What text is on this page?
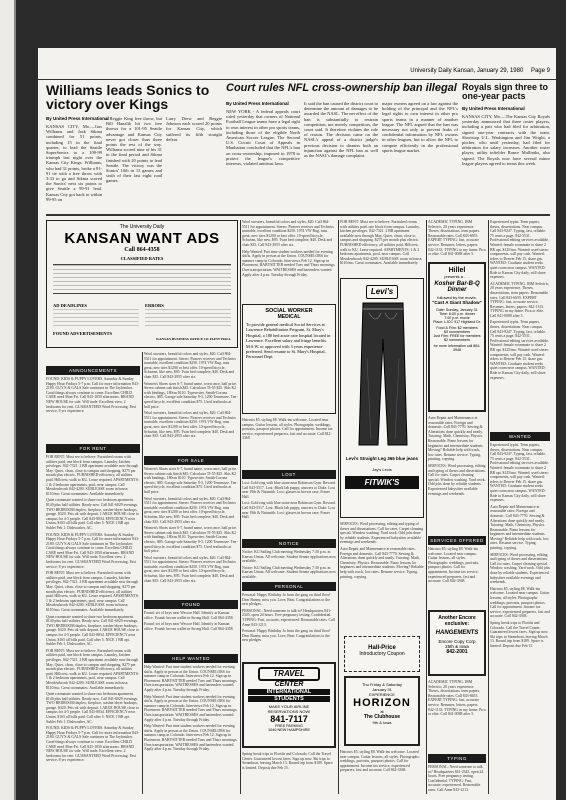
University Daily Kansan, January 29, 1980 Page 9
Williams leads Sonics to victory over Kings
By United Press International
KANSAS CITY, Mo.—Gus Williams and Jack Sikma combined for 51 points, including 15 in the final quarter, to lead the Seattle SuperSonics to a 109-99 triumph last night over the Kansas City Kings. Williams, who had 31 points, broke a 91-91 tie with a free throw with 3:33 to go and Sikma scored the Sonics' next six points to give Seattle a 99-91 lead. Kansas City got back to within 99-95 on
a Reggie King free throw, but Bill Hanzlik hit two free throws for a 101-95 Seattle advantage and Kansas City never got closer than three points the rest of the way. Williams scored nine of his 31 in the final period and Sikma finished with 20 points to lead Seattle. The victory was the Sonics' 10th in 13 games and sixth of their last eight road games.
Larry Drew and Reggie Johnson each scored 20 points for Kansas City, which suffered its fifth straight defeat.
Court rules NFL cross-ownership ban illegal
By United Press International
NEW YORK - A federal appeals court ruled yesterday that owners of National Football League teams have a legal right to own interest in other pro sports teams, including those of the eligible North American Soccer League. The Second U.S. Circuit Court of Appeals in Manhattan concluded that the NFL's ban on cross-ownership, imposed in 1978 to protect the league's competitive interests, violated antitrust laws.
It said the ban caused the district court to determine the amount of damages to be awarded the NASL. The net effect of the ban is substantially to restrain competition, not merely competitors, the court said. It therefore violates the rule of reason. The decision came on the NASL's appeal of a district judge's previous decision to dismiss both an injunction against the NFL ban as well as the NASL's damage complaint.
major owners agreed on a law against the holding of the principal and the NFL's legal rights to own interest in other pro sports teams in a manner of another league. The NFL argued that the ban was necessary not only to prevent leaks of confidential information by NFL owners in other leagues, but to allow the NFL to compete efficiently in the professional sports league market.
Royals sign three to one-year pacts
By United Press International
KANSAS CITY, Mo.—The Kansas City Royals yesterday announced that three roster players, including a pair who had filed for arbitration, signed one-year contracts with the team. Shortstop U.L. Washington and Jim Wright, a pitcher, who until yesterday, had filed for arbitration for salary increases. Another roster player, utility infielder Rance Mulliniks, also signed. The Royals now have several minor league players agreed to terms this week.
The University Daily
KANSAN WANT ADS
Call 864-4358
CLASSIFIED RATES
AD DEADLINES	ERRORS
FOUND ADVERTISEMENTS
KANSAN BUSINESS OFFICE 111 FLINT HALL
ANNOUNCEMENTS
FOUND: KIDS & PUPPY LOVERS. Saturday & Sunday Happy Hour Fridays 5-7 p.m. Call for more information 843-2180. GUY'S & GALS Sale continues in The Jayhawker. Good things always continue to come. Excellent CHILD CARE need Mon-Fri. Call 843-1050 afternoons. BRAND NEW HOUSE for sale. Will trade. Excellent view. 2 bedrooms for rent. GUARANTEED Word Processing. Fast service, 8 yrs experience.
FOR RENT

FOR RENT: Must see to believe. Furnished rooms with utilities paid, one block from campus. Laundry, kitchen privileges. 842-7321. 2 BR apartment available now through May. Quiet, clean, close to campus and shopping. $275 per month plus electric. FURNISHED efficiency, all utilities paid. Hillcrest, walk to KU. Lease required. APARTMENTS: 1 & 2 bedroom apartments, pool, near campus. Call Meadowbrook 842-4200. SUBLEASE room in house, $110/mo. Great roommates. Available immediately.

Quiet roommate wanted to share two bedroom apartment. $140 plus half utilities. Ready now. Call 841-6029 evenings. TWO BEDROOM duplex, fireplace, washer/dryer hookups, garage. $320. Pets ok with deposit. LARGE HOUSE close to campus for 4-5 people. Call 843-8834. EFFICIENCY near Union, $165 all bills paid. Call after 5. NICE 1 BR apt. Sublet Feb 1. Dishwasher, AC.

FOUND: KIDS & PUPPY LOVERS. Saturday & Sunday Happy Hour Fridays 5-7 p.m. Call for more information 843-2180. GUY'S & GALS Sale continues in The Jayhawker. Good things always continue to come. Excellent CHILD CARE need Mon-Fri. Call 843-1050 afternoons. BRAND NEW HOUSE for sale. Will trade. Excellent view. 2 bedrooms for rent. GUARANTEED Word Processing. Fast service, 8 yrs experience.

FOR RENT: Must see to believe. Furnished rooms with utilities paid, one block from campus. Laundry, kitchen privileges. 842-7321. 2 BR apartment available now through May. Quiet, clean, close to campus and shopping. $275 per month plus electric. FURNISHED efficiency, all utilities paid. Hillcrest, walk to KU. Lease required. APARTMENTS: 1 & 2 bedroom apartments, pool, near campus. Call Meadowbrook 842-4200. SUBLEASE room in house, $110/mo. Great roommates. Available immediately.

Quiet roommate wanted to share two bedroom apartment. $140 plus half utilities. Ready now. Call 841-6029 evenings. TWO BEDROOM duplex, fireplace, washer/dryer hookups, garage. $320. Pets ok with deposit. LARGE HOUSE close to campus for 4-5 people. Call 843-8834. EFFICIENCY near Union, $165 all bills paid. Call after 5. NICE 1 BR apt. Sublet Feb 1. Dishwasher, AC.

FOR RENT: Must see to believe. Furnished rooms with utilities paid, one block from campus. Laundry, kitchen privileges. 842-7321. 2 BR apartment available now through May. Quiet, clean, close to campus and shopping. $275 per month plus electric. FURNISHED efficiency, all utilities paid. Hillcrest, walk to KU. Lease required. APARTMENTS: 1 & 2 bedroom apartments, pool, near campus. Call Meadowbrook 842-4200. SUBLEASE room in house, $110/mo. Great roommates. Available immediately.

Quiet roommate wanted to share two bedroom apartment. $140 plus half utilities. Ready now. Call 841-6029 evenings. TWO BEDROOM duplex, fireplace, washer/dryer hookups, garage. $320. Pets ok with deposit. LARGE HOUSE close to campus for 4-5 people. Call 843-8834. EFFICIENCY near Union, $165 all bills paid. Call after 5. NICE 1 BR apt. Sublet Feb 1. Dishwasher, AC.

FOUND: KIDS & PUPPY LOVERS. Saturday & Sunday Happy Hour Fridays 5-7 p.m. Call for more information 843-2180. GUY'S & GALS Sale continues in The Jayhawker. Good things always continue to come. Excellent CHILD CARE need Mon-Fri. Call 843-1050 afternoons. BRAND NEW HOUSE for sale. Will trade. Excellent view. 2 bedrooms for rent. GUARANTEED Word Processing. Fast service, 8 yrs experience.

Wool sweaters, beautiful colors and styles, $20. Call 864-5511 for appointment. Stereo: Pioneer receiver and Technics turntable, excellent condition $250. 1974 VW Bug, runs great, new tires $1200 or best offer. 10-speed bicycle, Schwinn, like new, $95. Twin bed complete, $40. Desk and chair $35. Call 843-2955 after six.

Women's Shoes sizes 6-7, brand name, worn once, half price. Stereo cabinet oak finish $45. Calculator TI-55 $25. Skis K2 with bindings, 180cm $110. Typewriter, Smith-Corona electric, $85. Garage sale Saturday 9-3, 1200 Tennessee. Ten-speed bicycle, excellent condition $75. Used textbooks at half price.

Wool sweaters, beautiful colors and styles, $20. Call 864-5511 for appointment. Stereo: Pioneer receiver and Technics turntable, excellent condition $250. 1974 VW Bug, runs great, new tires $1200 or best offer. 10-speed bicycle, Schwinn, like new, $95. Twin bed complete, $40. Desk and chair $35. Call 843-2955 after six.

FOR SALE

Women's Shoes sizes 6-7, brand name, worn once, half price. Stereo cabinet oak finish $45. Calculator TI-55 $25. Skis K2 with bindings, 180cm $110. Typewriter, Smith-Corona electric, $85. Garage sale Saturday 9-3, 1200 Tennessee. Ten-speed bicycle, excellent condition $75. Used textbooks at half price.

Wool sweaters, beautiful colors and styles, $20. Call 864-5511 for appointment. Stereo: Pioneer receiver and Technics turntable, excellent condition $250. 1974 VW Bug, runs great, new tires $1200 or best offer. 10-speed bicycle, Schwinn, like new, $95. Twin bed complete, $40. Desk and chair $35. Call 843-2955 after six.

Women's Shoes sizes 6-7, brand name, worn once, half price. Stereo cabinet oak finish $45. Calculator TI-55 $25. Skis K2 with bindings, 180cm $110. Typewriter, Smith-Corona electric, $85. Garage sale Saturday 9-3, 1200 Tennessee. Ten-speed bicycle, excellent condition $75. Used textbooks at half price.

Wool sweaters, beautiful colors and styles, $20. Call 864-5511 for appointment. Stereo: Pioneer receiver and Technics turntable, excellent condition $250. 1974 VW Bug, runs great, new tires $1200 or best offer. 10-speed bicycle, Schwinn, like new, $95. Twin bed complete, $40. Desk and chair $35. Call 843-2955 after six.

FOUND

Found: set of keys near Wescoe Hall. Identify at Kansan office. Found: brown wallet in Strong Hall. Call 864-4358.

Found: set of keys near Wescoe Hall. Identify at Kansan office. Found: brown wallet in Strong Hall. Call 864-4358.

HELP WANTED

Help Wanted: Part time student workers needed for evening shifts. Apply in person at the Union. COUNSELORS for summer camp in Colorado. Interviews Feb 12. Sign up in Placement. BABYSITTER needed Tues and Thurs mornings. Own transportation. WAITRESSES and bartenders wanted. Apply after 4 p.m. Tuesday through Friday.

Help Wanted: Part time student workers needed for evening shifts. Apply in person at the Union. COUNSELORS for summer camp in Colorado. Interviews Feb 12. Sign up in Placement. BABYSITTER needed Tues and Thurs mornings. Own transportation. WAITRESSES and bartenders wanted. Apply after 4 p.m. Tuesday through Friday.

Help Wanted: Part time student workers needed for evening shifts. Apply in person at the Union. COUNSELORS for summer camp in Colorado. Interviews Feb 12. Sign up in Placement. BABYSITTER needed Tues and Thurs mornings. Own transportation. WAITRESSES and bartenders wanted. Apply after 4 p.m. Tuesday through Friday.

Wool sweaters, beautiful colors and styles, $20. Call 864-5511 for appointment. Stereo: Pioneer receiver and Technics turntable, excellent condition $250. 1974 VW Bug, runs great, new tires $1200 or best offer. 10-speed bicycle, Schwinn, like new, $95. Twin bed complete, $40. Desk and chair $35. Call 843-2955 after six.

Help Wanted: Part time student workers needed for evening shifts. Apply in person at the Union. COUNSELORS for summer camp in Colorado. Interviews Feb 12. Sign up in Placement. BABYSITTER needed Tues and Thurs mornings. Own transportation. WAITRESSES and bartenders wanted. Apply after 4 p.m. Tuesday through Friday.

SOCIAL WORKER
MEDICAL
To provide general medical Social Services at Lawrence Rehabilitation Program, St. Mary's Hospital, a 180 bed acute care hospital located in Lawrence. Excellent salary and fringe benefits. M.S.W. or approved with 3 years experience preferred. Send resume to St. Mary's Hospital, Personnel Dept.

Haircuts $5, styling $8. Walk-ins welcome. Located near campus. Guitar lessons, all styles. Photographs: weddings, portraits, passport photos. Call for appointment. Income tax service, experienced preparers, fast and accurate. Call 842-3368.

LOST

Lost: Gold ring with blue stone near Robinson Gym. Reward. Call 843-5517. Lost: Black lab puppy, answers to Duke. Lost near 19th & Naismith. Lost: glasses in brown case, Fraser Hall.

Lost: Gold ring with blue stone near Robinson Gym. Reward. Call 843-5517. Lost: Black lab puppy, answers to Duke. Lost near 19th & Naismith. Lost: glasses in brown case, Fraser Hall.

NOTICE

Notice: KU Sailing Club meeting Wednesday 7:30 p.m. in Kansas Union. All welcome. Student Senate applications now available.

Notice: KU Sailing Club meeting Wednesday 7:30 p.m. in Kansas Union. All welcome. Student Senate applications now available.

PERSONAL

Personal: Happy Birthday Jo from the gang on third floor! Dear Bunny, miss you. Love, Bear. Congratulations to the new pledges.

PERSONAL: Need someone to talk to? Headquarters 841-2345, open 24 hours. Free pregnancy testing. Confidential. TYPING: Fast, accurate, experienced. Reasonable rates. Call Anne 843-1213.

Personal: Happy Birthday Jo from the gang on third floor! Dear Bunny, miss you. Love, Bear. Congratulations to the new pledges.

TRAVEL
CENTER
INTERNATIONAL
STUDENTS
MAKE YOUR AIRLINE
RESERVATIONS NOW!
841-7117
FREE PARKING
1046 NEW HAMPSHIRE

Spring break trips to Florida and Colorado. Call the Travel Center. Guaranteed lowest fares. Sign up now. Ski trips to Steamboat, leaving March 13. Round trip from $189. Space is limited. Deposit due Feb 15.

FOR RENT: Must see to believe. Furnished rooms with utilities paid, one block from campus. Laundry, kitchen privileges. 842-7321. 2 BR apartment available now through May. Quiet, clean, close to campus and shopping. $275 per month plus electric. FURNISHED efficiency, all utilities paid. Hillcrest, walk to KU. Lease required. APARTMENTS: 1 & 2 bedroom apartments, pool, near campus. Call Meadowbrook 842-4200. SUBLEASE room in house, $110/mo. Great roommates. Available immediately.

Levi's
Levi's Straight Leg 365 blue jeans
Jay's Levis
FITWIK'S

SERVICES: Word processing, editing and typing of theses and dissertations. Call for rates. Carpet cleaning special. Window washing. Yard work. Odd jobs done by reliable students. Experienced babysitter available evenings and weekends.

Auto Repair and Maintenance at reasonable rates. Foreign and domestic. Call 843-7770. Sewing & Alterations done quickly and neatly. Tutoring: Math, Chemistry, Physics. Reasonable. Piano lessons for beginners and intermediate students. Moving? Reliable help with truck, low rates. Resume service. Typing, printing, copying.

Hall-Price
Introductory Coupon
Thu Friday & Saturday
January 31
EXPERIENCE
HORIZON
at
The Clubhouse
9th & Iowa

Haircuts $5, styling $8. Walk-ins welcome. Located near campus. Guitar lessons, all styles. Photographs: weddings, portraits, passport photos. Call for appointment. Income tax service, experienced preparers, fast and accurate. Call 842-3368.

ACADEMIC TYPING. IBM Selectric, 20 years experience. Theses, dissertations, term papers. Reasonable rates. Call 843-6655. EXPERT TYPING: fast, accurate service. Resumes, letters, papers. 842-1133. TYPING in my home. Pica or elite. Call 841-0088 after 5.

Hillel
presents a . . .
Kosher Bar-B-Q Dinner
followed by the movie,
"Cast A Giant Shadow"
Date: Sunday, January 31
Time: 6:00 p.m. dinner
7:00 p.m. movie
Place: LJCC 917 Highland Dr.
Food & Film: $2 members
$3 nonmembers
Just Film: FREE for members
$2 nonmembers
for more information call 864-3948

Auto Repair and Maintenance at reasonable rates. Foreign and domestic. Call 843-7770. Sewing & Alterations done quickly and neatly. Tutoring: Math, Chemistry, Physics. Reasonable. Piano lessons for beginners and intermediate students. Moving? Reliable help with truck, low rates. Resume service. Typing, printing, copying.

SERVICES: Word processing, editing and typing of theses and dissertations. Call for rates. Carpet cleaning special. Window washing. Yard work. Odd jobs done by reliable students. Experienced babysitter available evenings and weekends.

SERVICES OFFERED

Haircuts $5, styling $8. Walk-ins welcome. Located near campus. Guitar lessons, all styles. Photographs: weddings, portraits, passport photos. Call for appointment. Income tax service, experienced preparers, fast and accurate. Call 842-3368.

Another Encore
exclusive:
HANGEMENTS
Encore Copy Corp
25th & Iowa
842-2001

ACADEMIC TYPING. IBM Selectric, 20 years experience. Theses, dissertations, term papers. Reasonable rates. Call 843-6655. EXPERT TYPING: fast, accurate service. Resumes, letters, papers. 842-1133. TYPING in my home. Pica or elite. Call 841-0088 after 5.

TYPING

PERSONAL: Need someone to talk to? Headquarters 841-2345, open 24 hours. Free pregnancy testing. Confidential. TYPING: Fast, accurate, experienced. Reasonable rates. Call Anne 843-1213.

Experienced typist. Term papers, theses, dissertations. Near campus. Call 843-9247. Typing, fast, reliable. 75 cents a page. 842-5531. Professional editing services available. Wanted: female roommate to share 2 BR apt. $125/mo. Wanted: used stereo components, will pay cash. Wanted: riders to Denver Feb 15, share gas. WANTED: Graduate student seeks quiet room near campus. WANTED: Ride to Kansas City daily, will share expenses.

ACADEMIC TYPING. IBM Selectric, 20 years experience. Theses, dissertations, term papers. Reasonable rates. Call 843-6655. EXPERT TYPING: fast, accurate service. Resumes, letters, papers. 842-1133. TYPING in my home. Pica or elite. Call 841-0088 after 5.

Experienced typist. Term papers, theses, dissertations. Near campus. Call 843-9247. Typing, fast, reliable. 75 cents a page. 842-5531. Professional editing services available. Wanted: female roommate to share 2 BR apt. $125/mo. Wanted: used stereo components, will pay cash. Wanted: riders to Denver Feb 15, share gas. WANTED: Graduate student seeks quiet room near campus. WANTED: Ride to Kansas City daily, will share expenses.

WANTED

Experienced typist. Term papers, theses, dissertations. Near campus. Call 843-9247. Typing, fast, reliable. 75 cents a page. 842-5531. Professional editing services available. Wanted: female roommate to share 2 BR apt. $125/mo. Wanted: used stereo components, will pay cash. Wanted: riders to Denver Feb 15, share gas. WANTED: Graduate student seeks quiet room near campus. WANTED: Ride to Kansas City daily, will share expenses.

Auto Repair and Maintenance at reasonable rates. Foreign and domestic. Call 843-7770. Sewing & Alterations done quickly and neatly. Tutoring: Math, Chemistry, Physics. Reasonable. Piano lessons for beginners and intermediate students. Moving? Reliable help with truck, low rates. Resume service. Typing, printing, copying.

SERVICES: Word processing, editing and typing of theses and dissertations. Call for rates. Carpet cleaning special. Window washing. Yard work. Odd jobs done by reliable students. Experienced babysitter available evenings and weekends.

Haircuts $5, styling $8. Walk-ins welcome. Located near campus. Guitar lessons, all styles. Photographs: weddings, portraits, passport photos. Call for appointment. Income tax service, experienced preparers, fast and accurate. Call 842-3368.

Spring break trips to Florida and Colorado. Call the Travel Center. Guaranteed lowest fares. Sign up now. Ski trips to Steamboat, leaving March 13. Round trip from $189. Space is limited. Deposit due Feb 15.
